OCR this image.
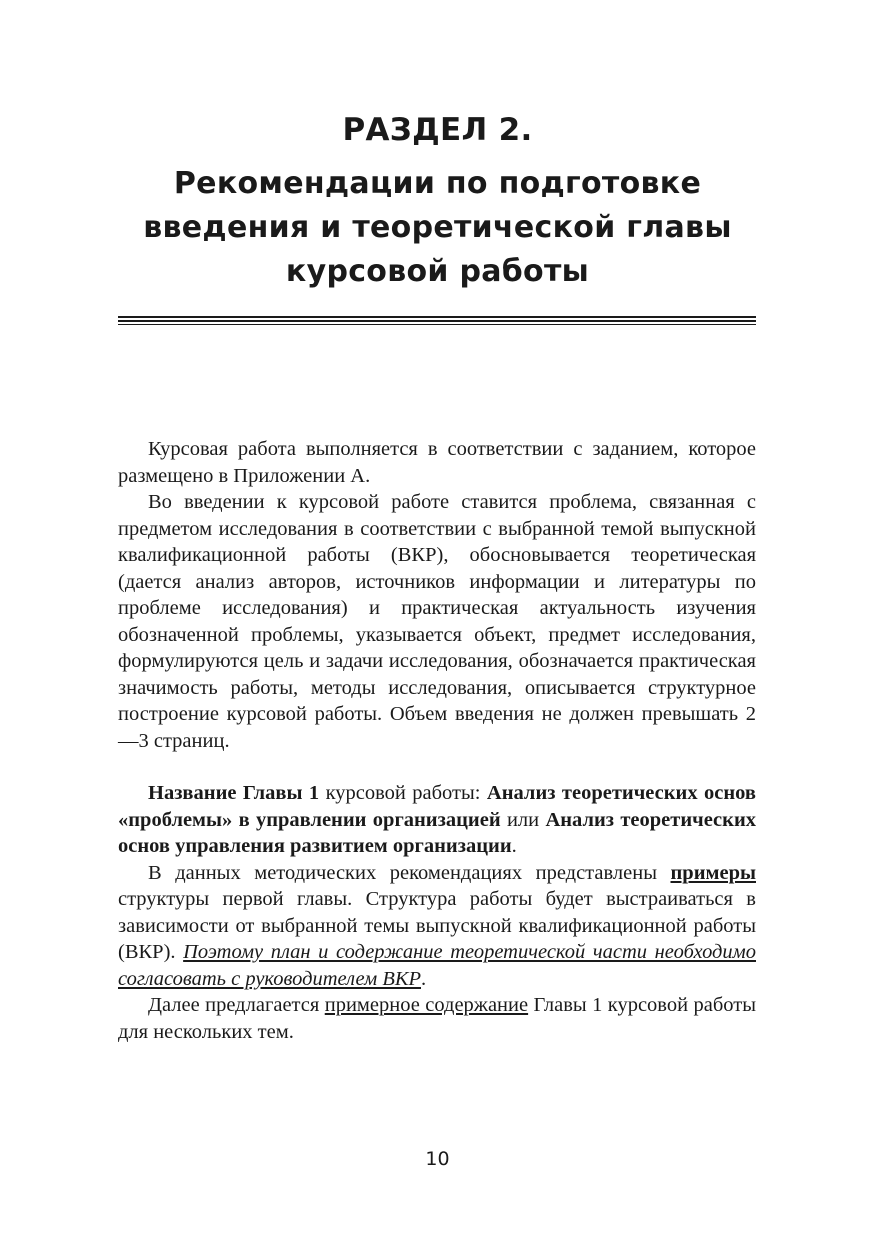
РАЗДЕЛ 2.
Рекомендации по подготовке
введения и теоретической главы
курсовой работы

Курсовая работа выполняется в соответствии с заданием, которое размещено в Приложении А.

Во введении к курсовой работе ставится проблема, связанная с предметом исследования в соответствии с выбранной темой выпускной квалификационной работы (ВКР), обосновывается теоретическая (дается анализ авторов, источников информации и литературы по проблеме исследования) и практическая актуальность изучения обозначенной проблемы, указывается объект, предмет исследования, формулируются цель и задачи исследования, обозначается практическая значимость работы, методы исследования, описывается структурное построение курсовой работы. Объем введения не должен превышать 2—3 страниц.

Название Главы 1 курсовой работы: Анализ теоретических основ «проблемы» в управлении организацией или Анализ теоретических основ управления развитием организации.

В данных методических рекомендациях представлены примеры структуры первой главы. Структура работы будет выстраиваться в зависимости от выбранной темы выпускной квалификационной работы (ВКР). Поэтому план и содержание теоретической части необходимо согласовать с руководителем ВКР.

Далее предлагается примерное содержание Главы 1 курсовой работы для нескольких тем.

10
